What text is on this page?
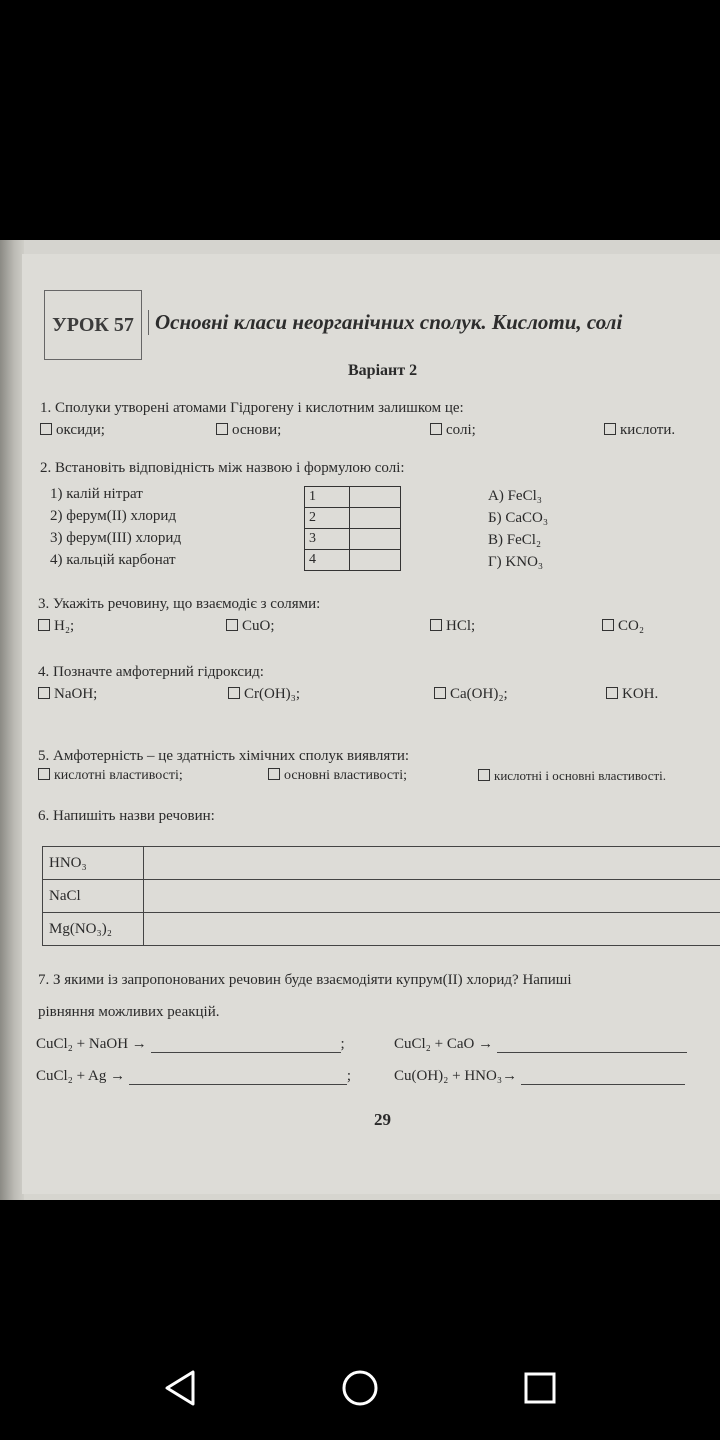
УРОК 57	Основні класи неорганічних сполук. Кислоти, солі
Варіант 2
1. Сполуки утворені атомами Гідрогену і кислотним залишком це:
оксиди;	основи;	солі;	кислоти.
2. Встановіть відповідність між назвою і формулою солі:
1) калій нітрат
2) ферум(II) хлорид
3) ферум(III) хлорид
4) кальцій карбонат
1	
2	
3	
4	
А) FeCl₃
Б) CaCO₃
В) FeCl₂
Г) KNO₃
3. Укажіть речовину, що взаємодіє з солями:
H₂;	CuO;	HCl;	CO₂
4. Позначте амфотерний гідроксид:
NaOH;	Cr(OH)₃;	Ca(OH)₂;	KOH.
5. Амфотерність – це здатність хімічних сполук виявляти:
кислотні властивості;	основні властивості;	кислотні і основні властивості.
6. Напишіть назви речовин:
HNO₃	
NaCl	
Mg(NO₃)₂	
7. З якими із запропонованих речовин буде взаємодіяти купрум(II) хлорид? Напиші
рівняння можливих реакцій.
CuCl₂ + NaOH →	;	CuCl₂ + CaO →
CuCl₂ + Ag →	;	Cu(OH)₂ + HNO₃→
29
